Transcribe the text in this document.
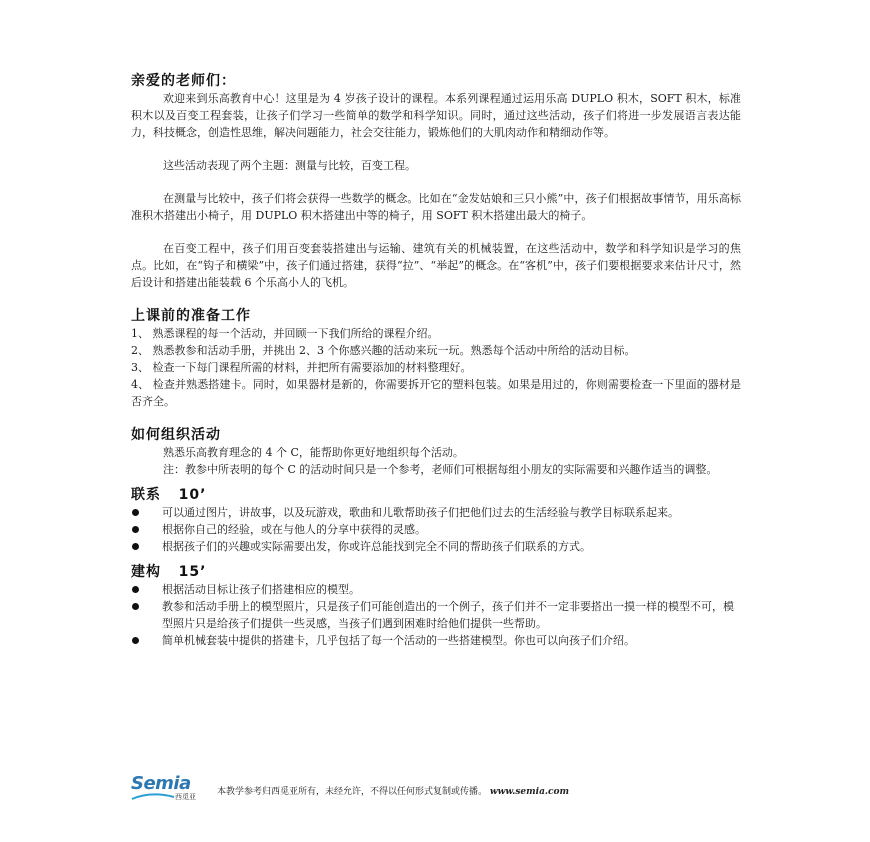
亲爱的老师们：

欢迎来到乐高教育中心！这里是为 4 岁孩子设计的课程。本系列课程通过运用乐高 DUPLO 积木，SOFT 积木，标准积木以及百变工程套装，让孩子们学习一些简单的数学和科学知识。同时，通过这些活动，孩子们将进一步发展语言表达能力，科技概念，创造性思维，解决问题能力，社会交往能力，锻炼他们的大肌肉动作和精细动作等。

这些活动表现了两个主题：测量与比较，百变工程。

在测量与比较中，孩子们将会获得一些数学的概念。比如在“金发姑娘和三只小熊”中，孩子们根据故事情节，用乐高标准积木搭建出小椅子，用 DUPLO 积木搭建出中等的椅子，用 SOFT 积木搭建出最大的椅子。

在百变工程中，孩子们用百变套装搭建出与运输、建筑有关的机械装置，在这些活动中，数学和科学知识是学习的焦点。比如，在“钩子和横梁”中，孩子们通过搭建，获得“拉”、“举起”的概念。在“客机”中，孩子们要根据要求来估计尺寸，然后设计和搭建出能装载 6 个乐高小人的飞机。

上课前的准备工作

1、 熟悉课程的每一个活动，并回顾一下我们所给的课程介绍。

2、 熟悉教参和活动手册，并挑出 2、3 个你感兴趣的活动来玩一玩。熟悉每个活动中所给的活动目标。

3、 检查一下每门课程所需的材料，并把所有需要添加的材料整理好。

4、 检查并熟悉搭建卡。同时，如果器材是新的，你需要拆开它的塑料包装。如果是用过的，你则需要检查一下里面的器材是否齐全。

如何组织活动

熟悉乐高教育理念的 4 个 C，能帮助你更好地组织每个活动。

注：教参中所表明的每个 C 的活动时间只是一个参考，老师们可根据每组小朋友的实际需要和兴趣作适当的调整。

联系   10’
可以通过图片，讲故事，以及玩游戏，歌曲和儿歌帮助孩子们把他们过去的生活经验与教学目标联系起来。
根据你自己的经验，或在与他人的分享中获得的灵感。
根据孩子们的兴趣或实际需要出发，你或许总能找到完全不同的帮助孩子们联系的方式。
建构   15’
根据活动目标让孩子们搭建相应的模型。
教参和活动手册上的模型照片，只是孩子们可能创造出的一个例子，孩子们并不一定非要搭出一摸一样的模型不可，模型照片只是给孩子们提供一些灵感，当孩子们遇到困难时给他们提供一些帮助。
简单机械套装中提供的搭建卡，几乎包括了每一个活动的一些搭建模型。你也可以向孩子们介绍。
Semia
西觅亚 本教学参考归西觅亚所有，未经允许，不得以任何形式复制或传播。 www.semia.com
